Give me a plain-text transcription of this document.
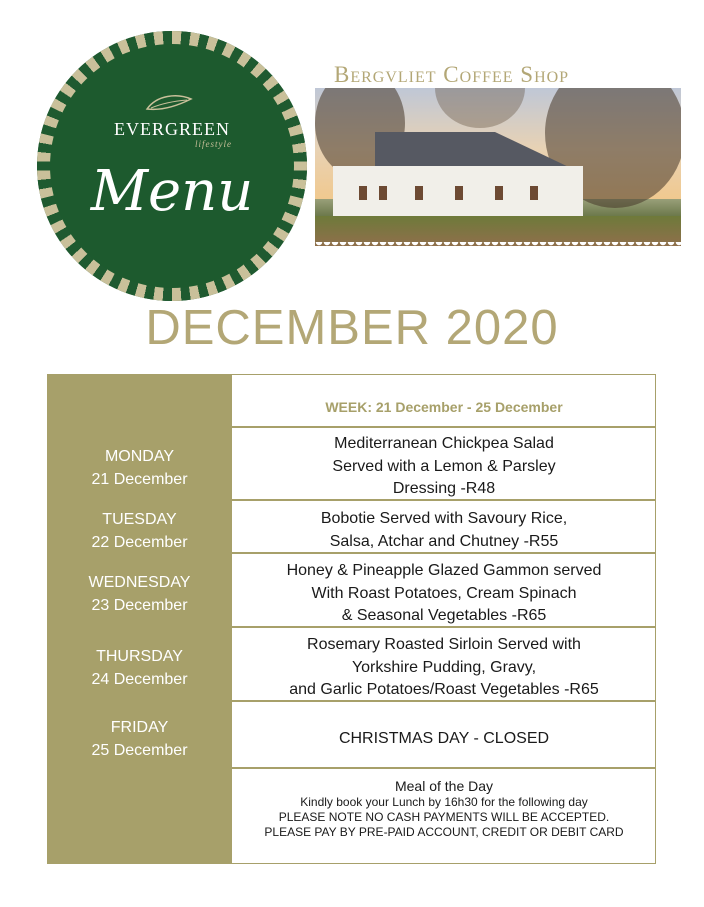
Bergvliet Coffee Shop
EVERGREEN
lifestyle
Menu
DECEMBER 2020
WEEK: 21 December - 25 December
MONDAY
21 December
Mediterranean Chickpea Salad
Served with a Lemon & Parsley
Dressing -R48
TUESDAY
22 December
Bobotie Served with Savoury Rice,
Salsa, Atchar and Chutney -R55
WEDNESDAY
23 December
Honey & Pineapple Glazed Gammon served
With Roast Potatoes, Cream Spinach
& Seasonal Vegetables -R65
THURSDAY
24 December
Rosemary Roasted Sirloin Served with
Yorkshire Pudding, Gravy,
and Garlic Potatoes/Roast Vegetables -R65
FRIDAY
25 December
CHRISTMAS DAY - CLOSED
Meal of the Day
Kindly book your Lunch by 16h30 for the following day
PLEASE NOTE NO CASH PAYMENTS WILL BE ACCEPTED.
PLEASE PAY BY PRE-PAID ACCOUNT, CREDIT OR DEBIT CARD
